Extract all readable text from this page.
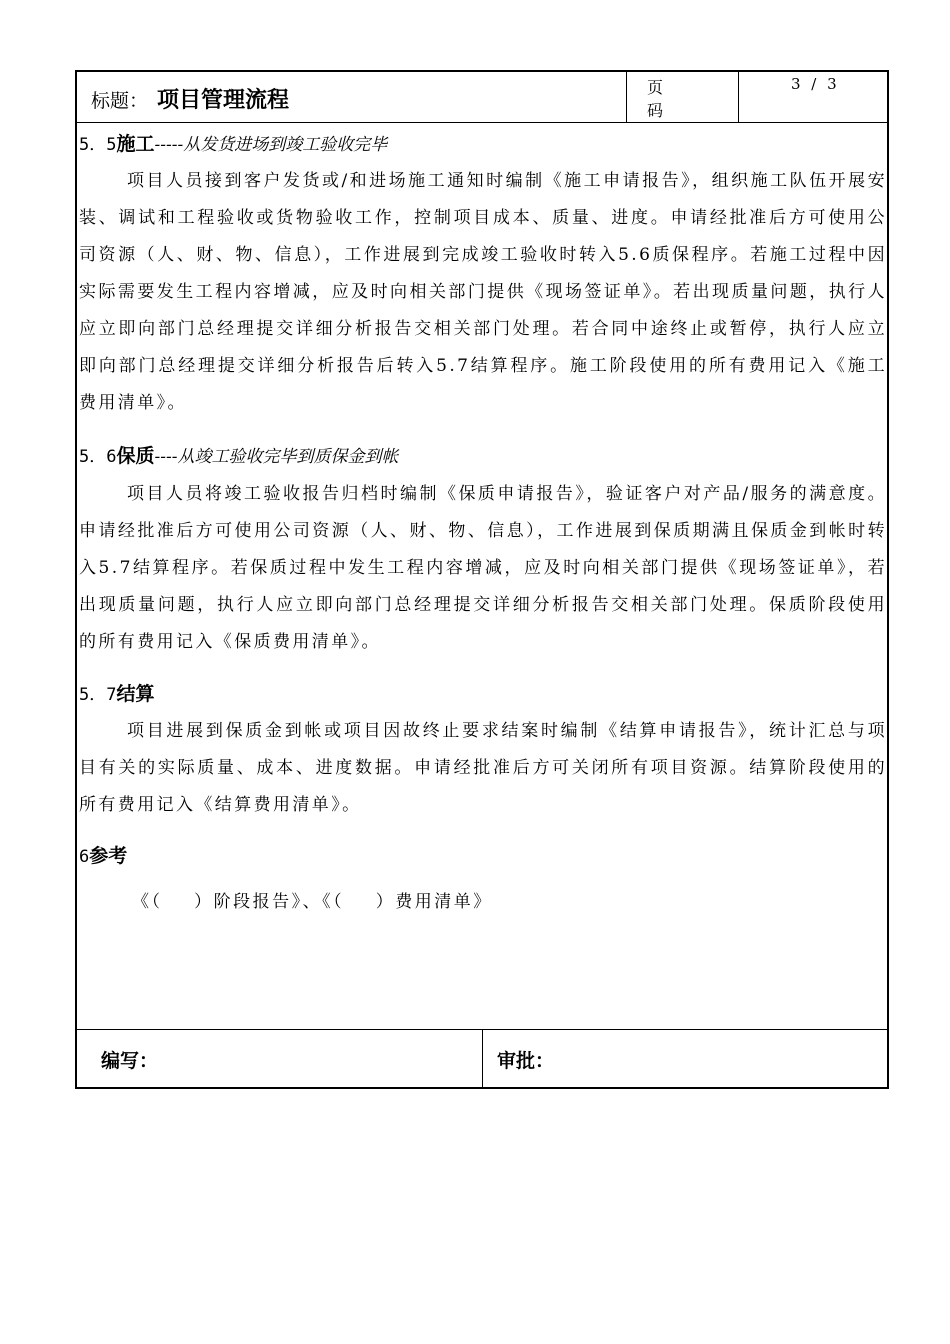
标题： 项目管理流程
页码
3 / 3
5．5施工-----从发货进场到竣工验收完毕

项目人员接到客户发货或/和进场施工通知时编制《施工申请报告》，组织施工队伍开展安装、调试和工程验收或货物验收工作，控制项目成本、质量、进度。申请经批准后方可使用公司资源（人、财、物、信息），工作进展到完成竣工验收时转入5.6质保程序。若施工过程中因实际需要发生工程内容增减，应及时向相关部门提供《现场签证单》。若出现质量问题，执行人应立即向部门总经理提交详细分析报告交相关部门处理。若合同中途终止或暂停，执行人应立即向部门总经理提交详细分析报告后转入5.7结算程序。施工阶段使用的所有费用记入《施工费用清单》。

5．6保质----从竣工验收完毕到质保金到帐

项目人员将竣工验收报告归档时编制《保质申请报告》，验证客户对产品/服务的满意度。申请经批准后方可使用公司资源（人、财、物、信息），工作进展到保质期满且保质金到帐时转入5.7结算程序。若保质过程中发生工程内容增减，应及时向相关部门提供《现场签证单》，若出现质量问题，执行人应立即向部门总经理提交详细分析报告交相关部门处理。保质阶段使用的所有费用记入《保质费用清单》。

5．7结算

项目进展到保质金到帐或项目因故终止要求结案时编制《结算申请报告》，统计汇总与项目有关的实际质量、成本、进度数据。申请经批准后方可关闭所有项目资源。结算阶段使用的所有费用记入《结算费用清单》。

6参考
《（    ）阶段报告》、《（    ）费用清单》
编写：	审批：
